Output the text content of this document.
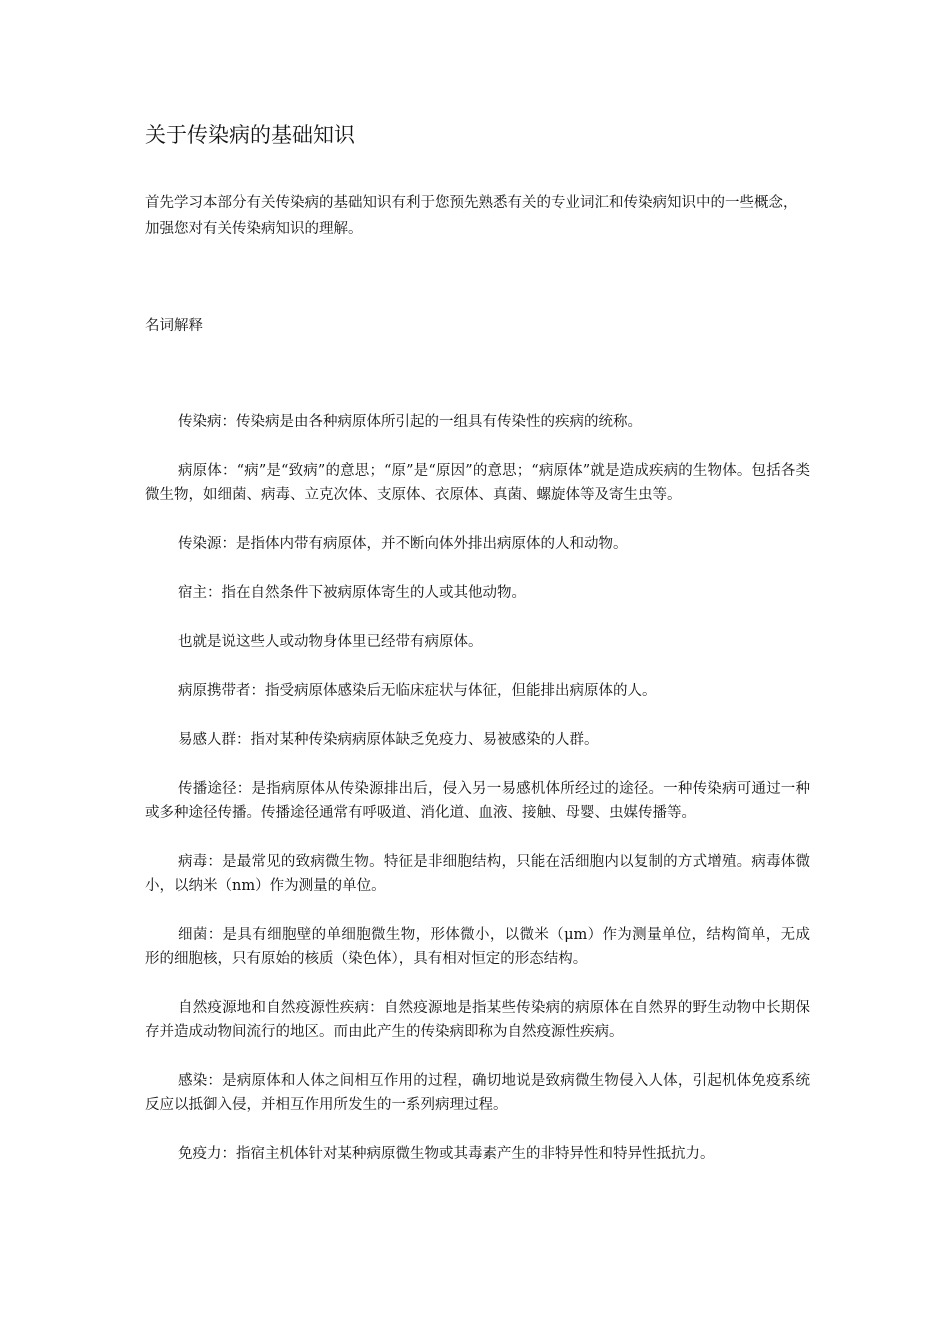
关于传染病的基础知识

首先学习本部分有关传染病的基础知识有利于您预先熟悉有关的专业词汇和传染病知识中的一些概念，加强您对有关传染病知识的理解。

名词解释

传染病：传染病是由各种病原体所引起的一组具有传染性的疾病的统称。

病原体：“病”是“致病”的意思；“原”是“原因”的意思；“病原体”就是造成疾病的生物体。包括各类微生物，如细菌、病毒、立克次体、支原体、衣原体、真菌、螺旋体等及寄生虫等。

传染源：是指体内带有病原体，并不断向体外排出病原体的人和动物。

宿主：指在自然条件下被病原体寄生的人或其他动物。

也就是说这些人或动物身体里已经带有病原体。

病原携带者：指受病原体感染后无临床症状与体征，但能排出病原体的人。

易感人群：指对某种传染病病原体缺乏免疫力、易被感染的人群。

传播途径：是指病原体从传染源排出后，侵入另一易感机体所经过的途径。一种传染病可通过一种或多种途径传播。传播途径通常有呼吸道、消化道、血液、接触、母婴、虫媒传播等。

病毒：是最常见的致病微生物。特征是非细胞结构，只能在活细胞内以复制的方式增殖。病毒体微小，以纳米（nm）作为测量的单位。

细菌：是具有细胞壁的单细胞微生物，形体微小，以微米（μm）作为测量单位，结构简单，无成形的细胞核，只有原始的核质（染色体），具有相对恒定的形态结构。

自然疫源地和自然疫源性疾病：自然疫源地是指某些传染病的病原体在自然界的野生动物中长期保存并造成动物间流行的地区。而由此产生的传染病即称为自然疫源性疾病。

感染：是病原体和人体之间相互作用的过程，确切地说是致病微生物侵入人体，引起机体免疫系统反应以抵御入侵，并相互作用所发生的一系列病理过程。

免疫力：指宿主机体针对某种病原微生物或其毒素产生的非特异性和特异性抵抗力。
